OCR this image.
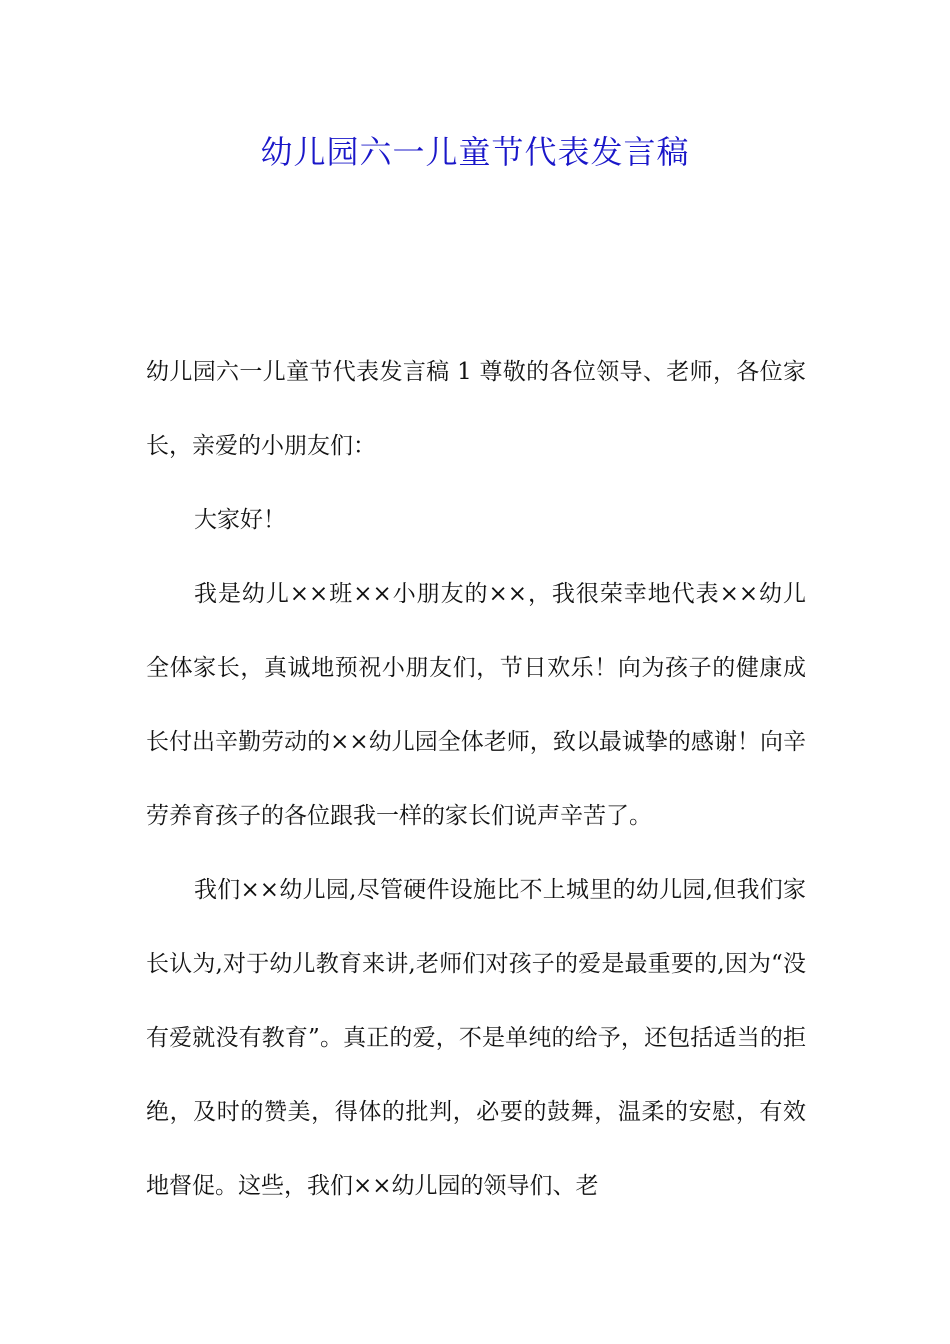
幼儿园六一儿童节代表发言稿

幼儿园六一儿童节代表发言稿 1 尊敬的各位领导、老师，各位家长，亲爱的小朋友们：

大家好！

我是幼儿××班××小朋友的××，我很荣幸地代表××幼儿全体家长，真诚地预祝小朋友们，节日欢乐！向为孩子的健康成长付出辛勤劳动的××幼儿园全体老师，致以最诚挚的感谢！向辛劳养育孩子的各位跟我一样的家长们说声辛苦了。

我们××幼儿园,尽管硬件设施比不上城里的幼儿园,但我们家长认为,对于幼儿教育来讲,老师们对孩子的爱是最重要的,因为“没有爱就没有教育”。真正的爱，不是单纯的给予，还包括适当的拒绝，及时的赞美，得体的批判，必要的鼓舞，温柔的安慰，有效地督促。这些，我们××幼儿园的领导们、老
